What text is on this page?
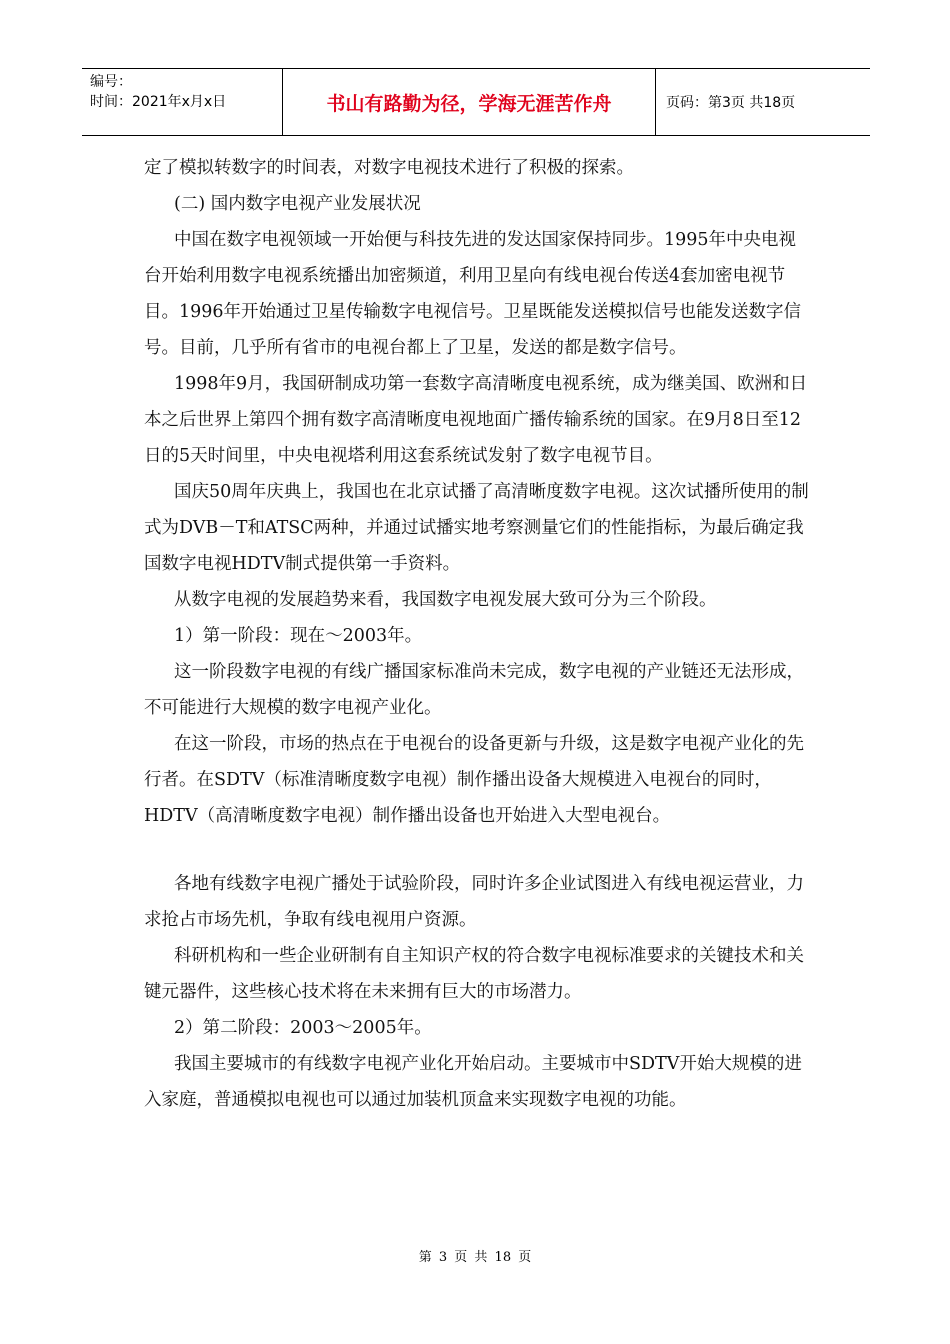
编号：
时间：2021年x月x日	书山有路勤为径，学海无涯苦作舟	页码：第3页 共18页

定了模拟转数字的时间表，对数字电视技术进行了积极的探索。

(二) 国内数字电视产业发展状况

中国在数字电视领域一开始便与科技先进的发达国家保持同步。1995年中央电视台开始利用数字电视系统播出加密频道，利用卫星向有线电视台传送4套加密电视节目。1996年开始通过卫星传输数字电视信号。卫星既能发送模拟信号也能发送数字信号。目前，几乎所有省市的电视台都上了卫星，发送的都是数字信号。

1998年9月，我国研制成功第一套数字高清晰度电视系统，成为继美国、欧洲和日本之后世界上第四个拥有数字高清晰度电视地面广播传输系统的国家。在9月8日至12日的5天时间里，中央电视塔利用这套系统试发射了数字电视节目。

国庆50周年庆典上，我国也在北京试播了高清晰度数字电视。这次试播所使用的制式为DVB－T和ATSC两种，并通过试播实地考察测量它们的性能指标，为最后确定我国数字电视HDTV制式提供第一手资料。

从数字电视的发展趋势来看，我国数字电视发展大致可分为三个阶段。

1）第一阶段：现在～2003年。

这一阶段数字电视的有线广播国家标准尚未完成，数字电视的产业链还无法形成，不可能进行大规模的数字电视产业化。

在这一阶段，市场的热点在于电视台的设备更新与升级，这是数字电视产业化的先行者。在SDTV（标准清晰度数字电视）制作播出设备大规模进入电视台的同时，HDTV（高清晰度数字电视）制作播出设备也开始进入大型电视台。

各地有线数字电视广播处于试验阶段，同时许多企业试图进入有线电视运营业，力求抢占市场先机，争取有线电视用户资源。

科研机构和一些企业研制有自主知识产权的符合数字电视标准要求的关键技术和关键元器件，这些核心技术将在未来拥有巨大的市场潜力。

2）第二阶段：2003～2005年。

我国主要城市的有线数字电视产业化开始启动。主要城市中SDTV开始大规模的进入家庭，普通模拟电视也可以通过加装机顶盒来实现数字电视的功能。

第 3 页 共 18 页
